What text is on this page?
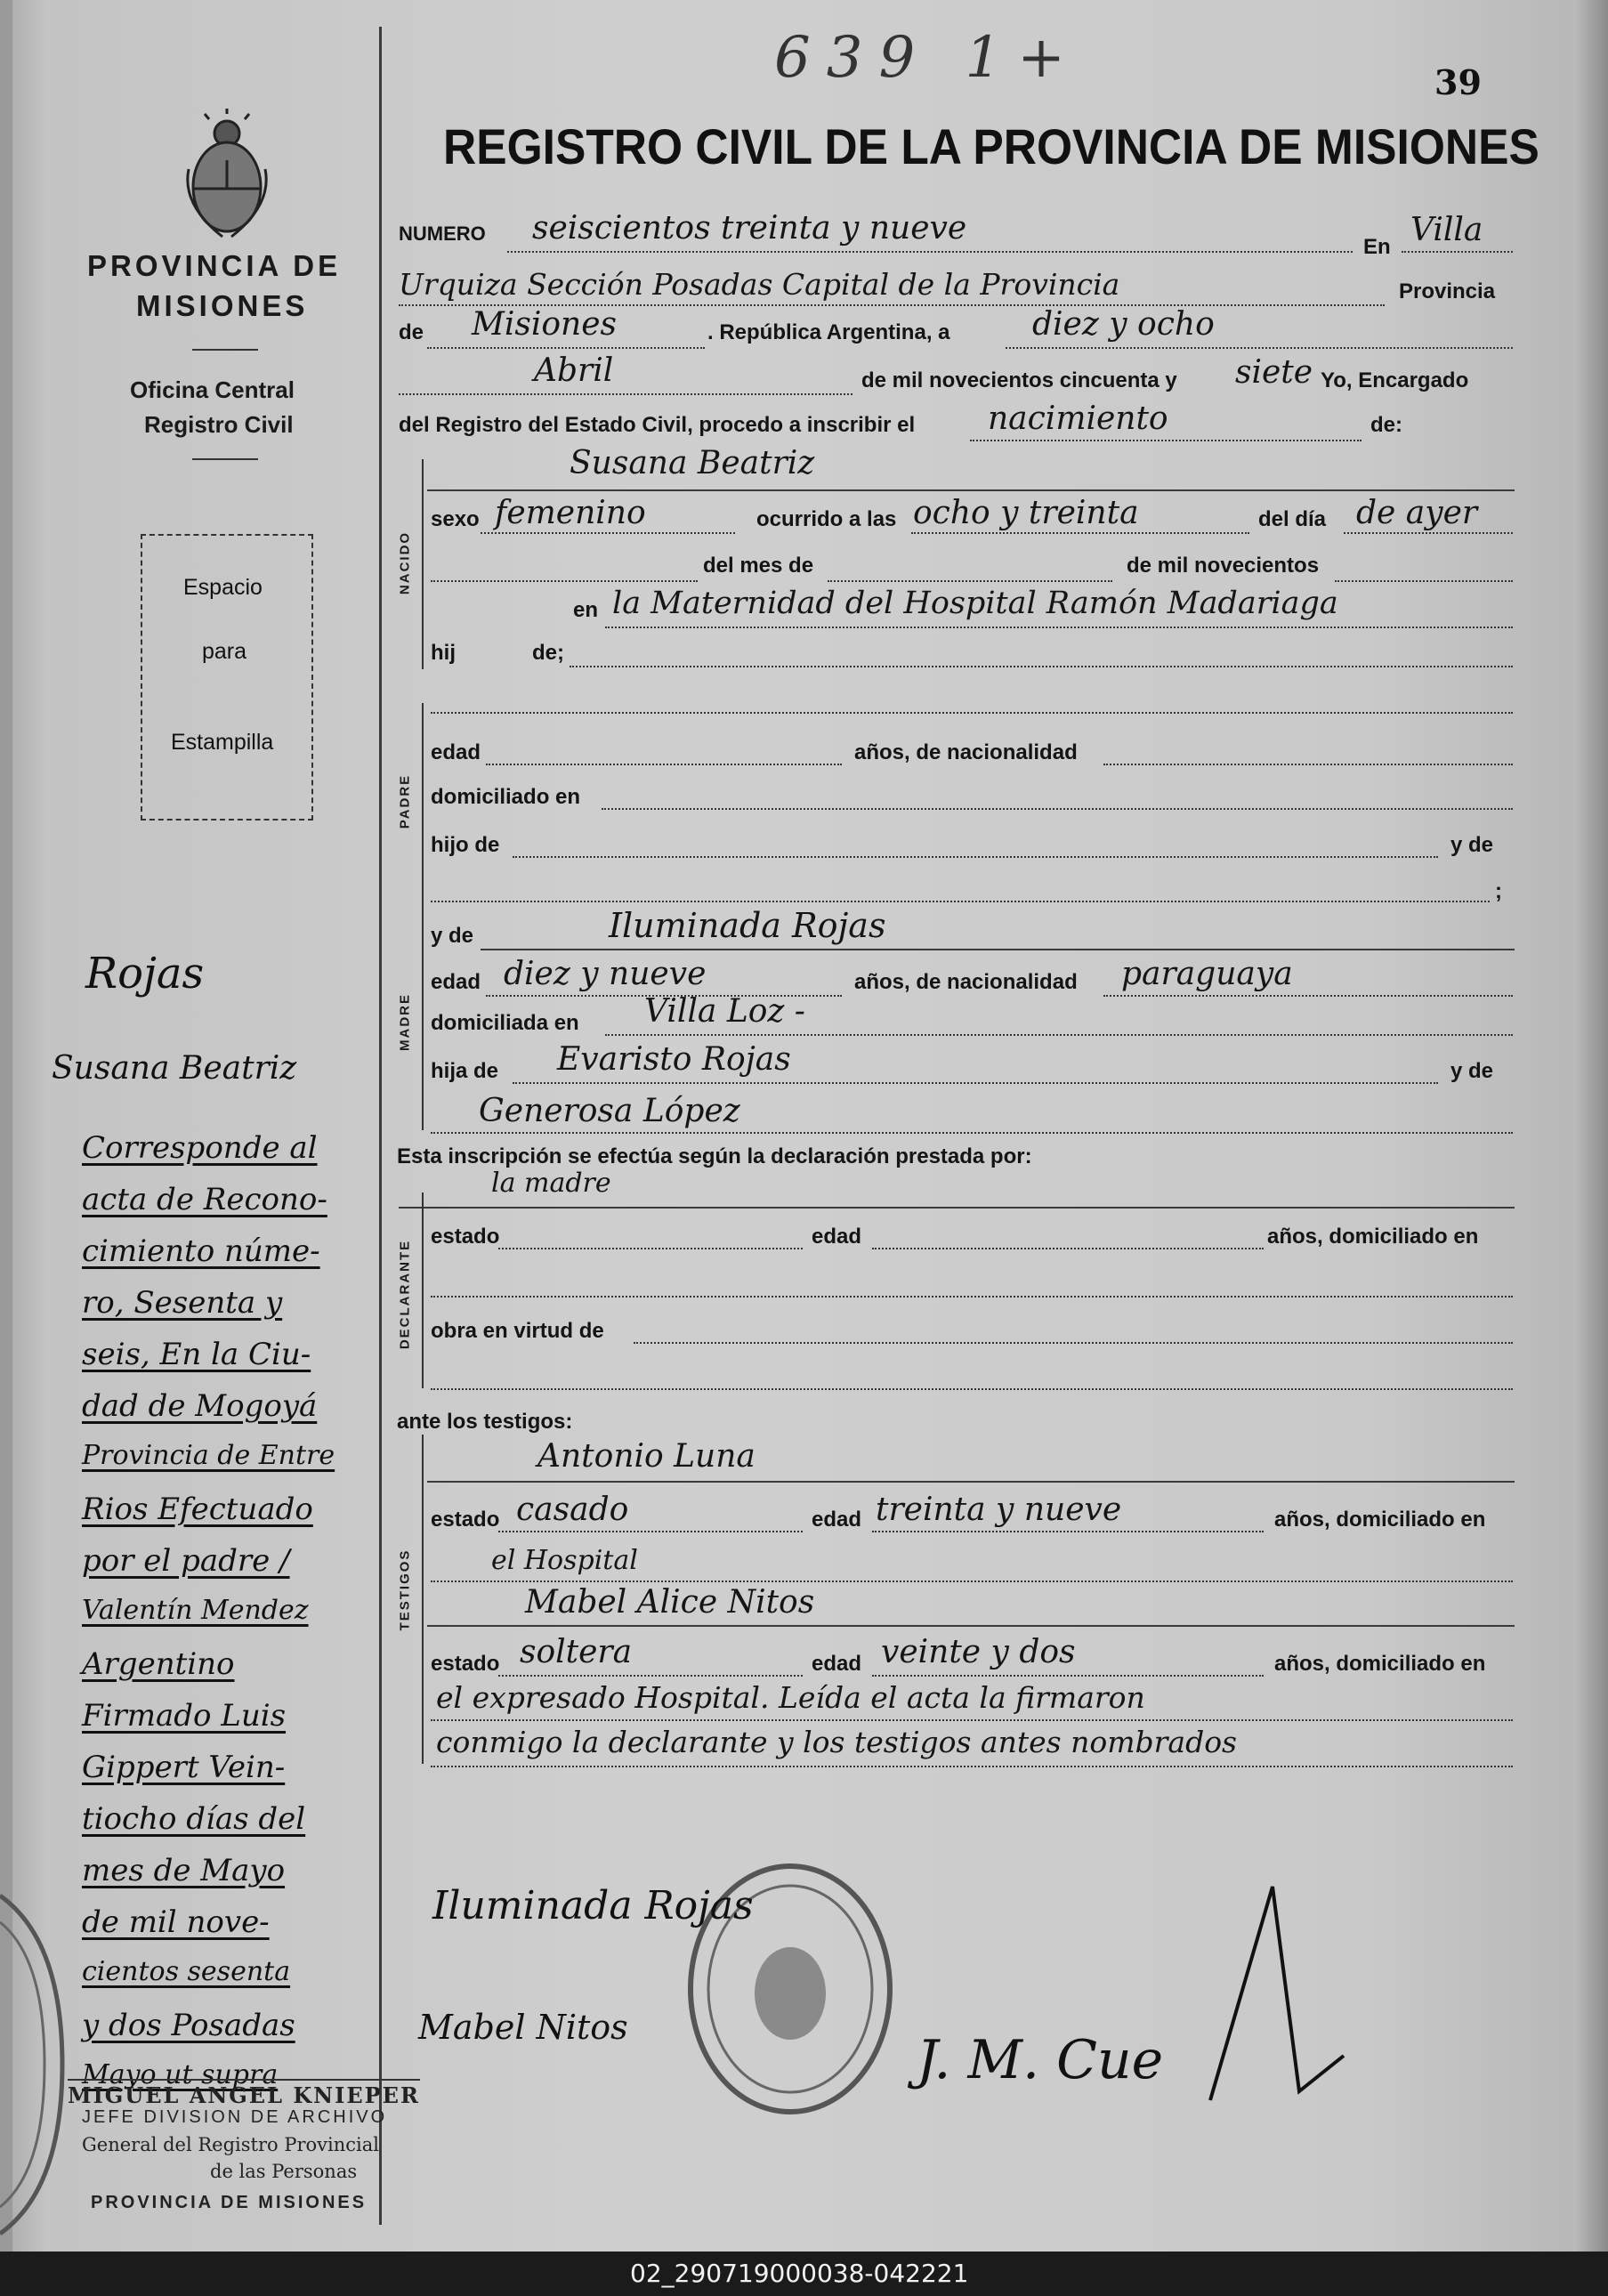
639 1+	39
PROVINCIA DE
MISIONES
Oficina Central
Registro Civil
Espacio
para
Estampilla
REGISTRO CIVIL DE LA PROVINCIA DE MISIONES
NUMERO seiscientos treinta y nueve
En Villa
Urquiza Sección Posadas Capital de la Provincia	Provincia
de Misiones	. República Argentina, a	diez y ocho
Abril	de mil novecientos cincuenta y siete Yo, Encargado
del Registro del Estado Civil, procedo a inscribir el nacimiento	de:
NACIDO
Susana Beatriz
sexo femenino	ocurrido a las ocho y treinta	del día de ayer
del mes de	de mil novecientos
en la Maternidad del Hospital Ramón Madariaga
hij	de;
PADRE
edad	años, de nacionalidad
domiciliado en
hijo de	y de
;
MADRE
y de	Iluminada Rojas
edad diez y nueve	años, de nacionalidad paraguaya
domiciliada en Villa Loz -
hija de Evaristo Rojas	y de
Generosa López
Esta inscripción se efectúa según la declaración prestada por:
la madre
DECLARANTE
estado	edad	años, domiciliado en
obra en virtud de
ante los testigos:
TESTIGOS
Antonio Luna
estado casado	edad treinta y nueve	años, domiciliado en
el Hospital
Mabel Alice Nitos
estado soltera	edad veinte y dos	años, domiciliado en
el expresado Hospital. Leída el acta la firmaron
conmigo la declarante y los testigos antes nombrados
Iluminada Rojas
Mabel Nitos
J. M. Cue
Rojas
Susana Beatriz
Corresponde al
acta de Recono-
cimiento núme-
ro, Sesenta y
seis, En la Ciu-
dad de Mogoyá
Provincia de Entre
Rios Efectuado
por el padre /
Valentín Mendez
Argentino
Firmado Luis
Gippert Vein-
tiocho días del
mes de Mayo
de mil nove-
cientos sesenta
y dos Posadas
Mayo ut supra
MIGUEL ANGEL KNIEPER
JEFE DIVISION DE ARCHIVO
General del Registro Provincial
de las Personas
PROVINCIA DE MISIONES
02_290719000038-042221
